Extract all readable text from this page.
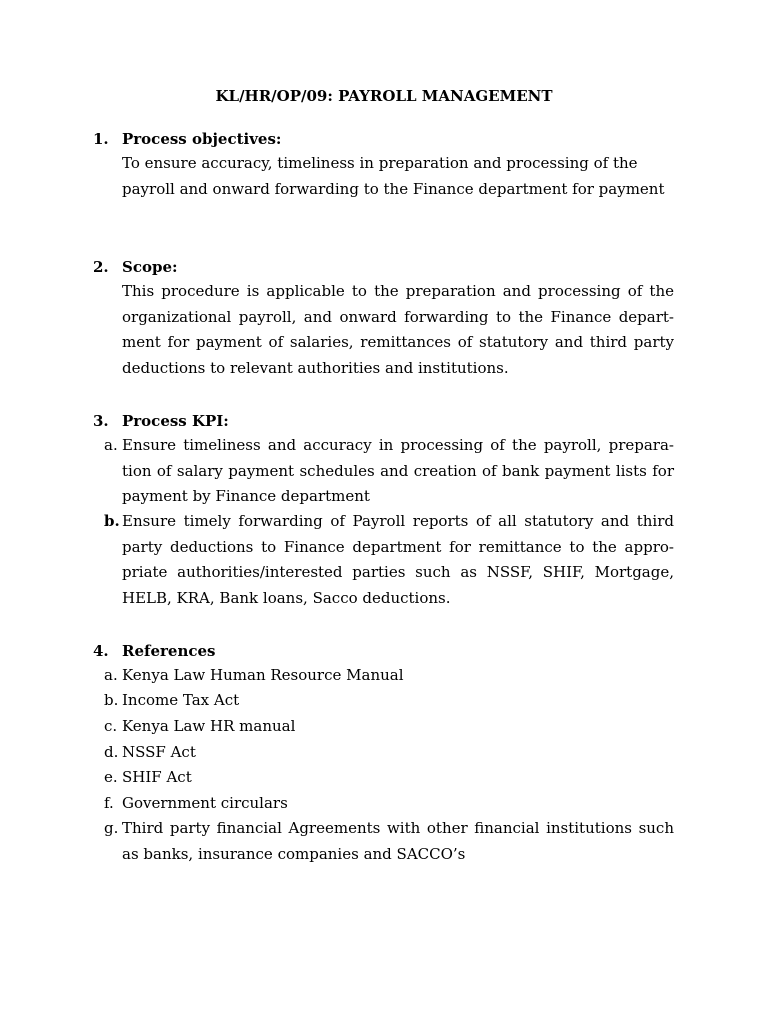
KL/HR/OP/09: PAYROLL MANAGEMENT
1. Process objectives:

To ensure accuracy, timeliness in preparation and processing of the payroll and onward forwarding to the Finance department for payment

2. Scope:

This procedure is applicable to the preparation and processing of the organizational payroll, and onward forwarding to the Finance department for payment of salaries, remittances of statutory and third party deductions to relevant authorities and institutions.

3. Process KPI:
a. Ensure timeliness and accuracy in processing of the payroll, preparation of salary payment schedules and creation of bank payment lists for payment by Finance department
b. Ensure timely forwarding of Payroll reports of all statutory and third party deductions to Finance department for remittance to the appropriate authorities/interested parties such as NSSF, SHIF, Mortgage, HELB, KRA, Bank loans, Sacco deductions.
4. References
a. Kenya Law Human Resource Manual
b. Income Tax Act
c. Kenya Law HR manual
d. NSSF Act
e. SHIF Act
f. Government circulars
g. Third party financial Agreements with other financial institutions such as banks, insurance companies and SACCO’s
